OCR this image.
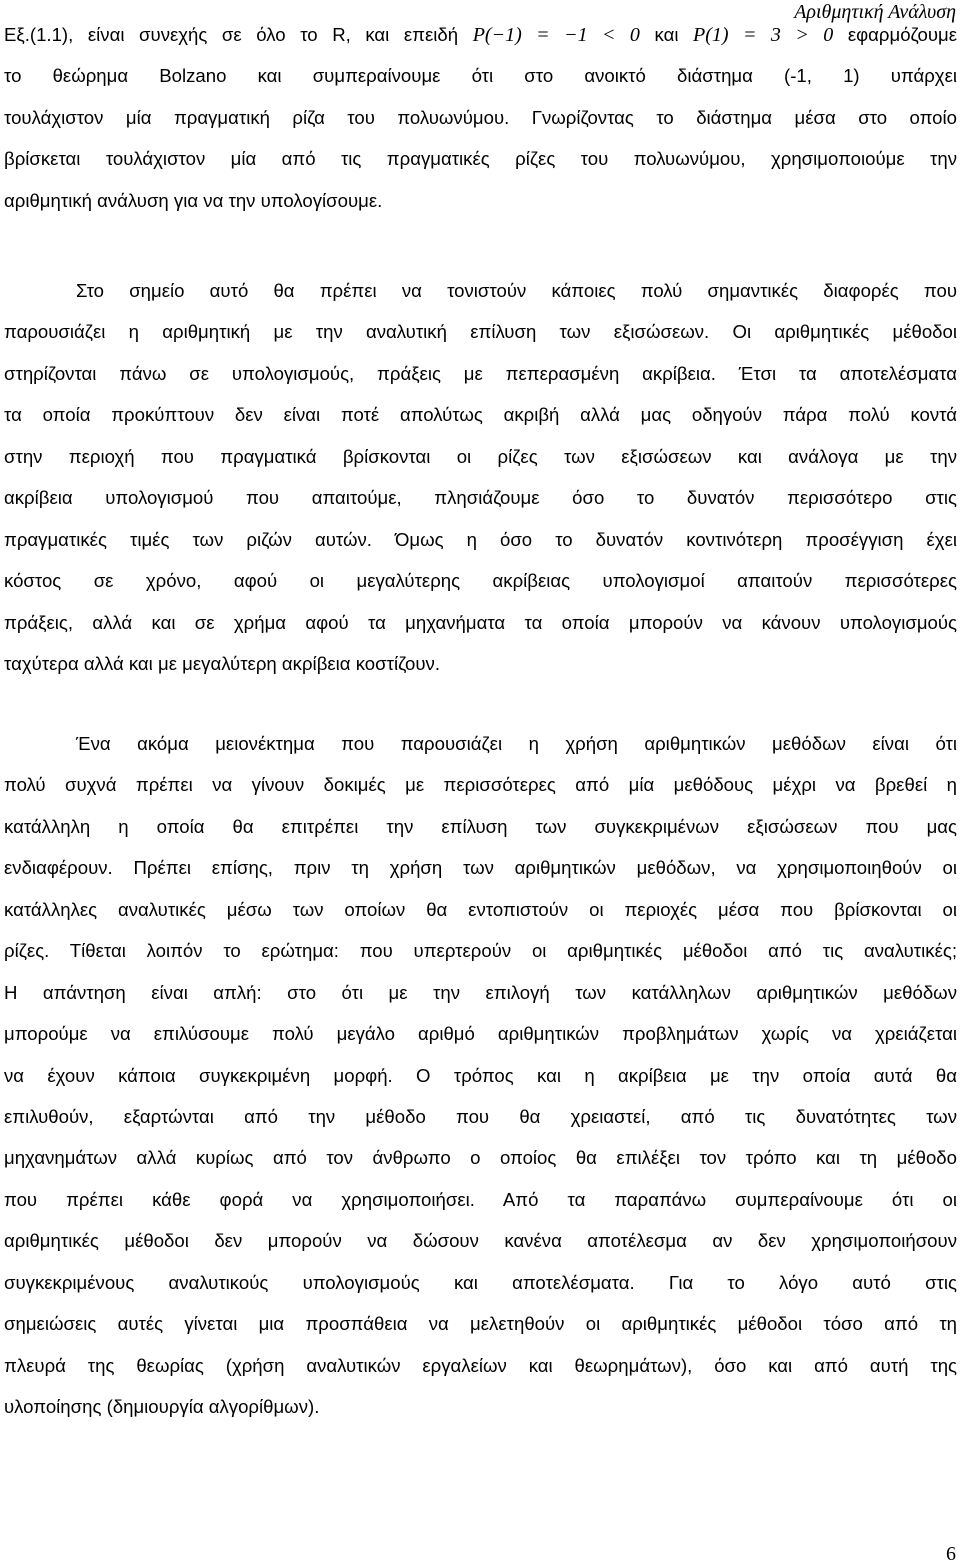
Αριθμητική Ανάλυση
Εξ.(1.1), είναι συνεχής σε όλο το R, και επειδή P(−1) = −1 < 0 και P(1) = 3 > 0 εφαρμόζουμε
το θεώρημα Bolzano και συμπεραίνουμε ότι στο ανοικτό διάστημα (-1, 1) υπάρχει
τουλάχιστον μία πραγματική ρίζα του πολυωνύμου. Γνωρίζοντας το διάστημα μέσα στο οποίο
βρίσκεται τουλάχιστον μία από τις πραγματικές ρίζες του πολυωνύμου, χρησιμοποιούμε την
αριθμητική ανάλυση για να την υπολογίσουμε.
Στο σημείο αυτό θα πρέπει να τονιστούν κάποιες πολύ σημαντικές διαφορές που
παρουσιάζει η αριθμητική με την αναλυτική επίλυση των εξισώσεων. Οι αριθμητικές μέθοδοι
στηρίζονται πάνω σε υπολογισμούς, πράξεις με πεπερασμένη ακρίβεια. Έτσι τα αποτελέσματα
τα οποία προκύπτουν δεν είναι ποτέ απολύτως ακριβή αλλά μας οδηγούν πάρα πολύ κοντά
στην περιοχή που πραγματικά βρίσκονται οι ρίζες των εξισώσεων και ανάλογα με την
ακρίβεια υπολογισμού που απαιτούμε, πλησιάζουμε όσο το δυνατόν περισσότερο στις
πραγματικές τιμές των ριζών αυτών. Όμως η όσο το δυνατόν κοντινότερη προσέγγιση έχει
κόστος σε χρόνο, αφού οι μεγαλύτερης ακρίβειας υπολογισμοί απαιτούν περισσότερες
πράξεις, αλλά και σε χρήμα αφού τα μηχανήματα τα οποία μπορούν να κάνουν υπολογισμούς
ταχύτερα αλλά και με μεγαλύτερη ακρίβεια κοστίζουν.
Ένα ακόμα μειονέκτημα που παρουσιάζει η χρήση αριθμητικών μεθόδων είναι ότι
πολύ συχνά πρέπει να γίνουν δοκιμές με περισσότερες από μία μεθόδους μέχρι να βρεθεί η
κατάλληλη η οποία θα επιτρέπει την επίλυση των συγκεκριμένων εξισώσεων που μας
ενδιαφέρουν. Πρέπει επίσης, πριν τη χρήση των αριθμητικών μεθόδων, να χρησιμοποιηθούν οι
κατάλληλες αναλυτικές μέσω των οποίων θα εντοπιστούν οι περιοχές μέσα που βρίσκονται οι
ρίζες. Τίθεται λοιπόν το ερώτημα: που υπερτερούν οι αριθμητικές μέθοδοι από τις αναλυτικές;
Η απάντηση είναι απλή: στο ότι με την επιλογή των κατάλληλων αριθμητικών μεθόδων
μπορούμε να επιλύσουμε πολύ μεγάλο αριθμό αριθμητικών προβλημάτων χωρίς να χρειάζεται
να έχουν κάποια συγκεκριμένη μορφή. Ο τρόπος και η ακρίβεια με την οποία αυτά θα
επιλυθούν, εξαρτώνται από την μέθοδο που θα χρειαστεί, από τις δυνατότητες των
μηχανημάτων αλλά κυρίως από τον άνθρωπο ο οποίος θα επιλέξει τον τρόπο και τη μέθοδο
που πρέπει κάθε φορά να χρησιμοποιήσει. Από τα παραπάνω συμπεραίνουμε ότι οι
αριθμητικές μέθοδοι δεν μπορούν να δώσουν κανένα αποτέλεσμα αν δεν χρησιμοποιήσουν
συγκεκριμένους αναλυτικούς υπολογισμούς και αποτελέσματα. Για το λόγο αυτό στις
σημειώσεις αυτές γίνεται μια προσπάθεια να μελετηθούν οι αριθμητικές μέθοδοι τόσο από τη
πλευρά της θεωρίας (χρήση αναλυτικών εργαλείων και θεωρημάτων), όσο και από αυτή της
υλοποίησης (δημιουργία αλγορίθμων).
6
